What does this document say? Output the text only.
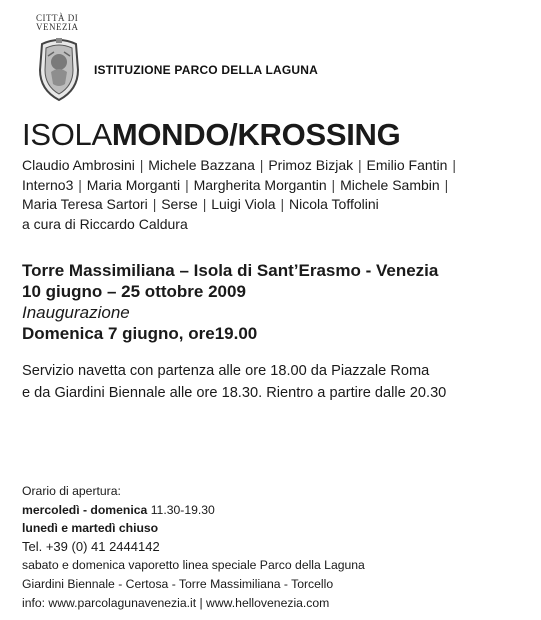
CITTÀ DI
VENEZIA
ISTITUZIONE PARCO DELLA LAGUNA
ISOLAMONDO/KROSSING
Claudio Ambrosini | Michele Bazzana | Primoz Bizjak | Emilio Fantin |
Interno3 | Maria Morganti | Margherita Morgantin | Michele Sambin |
Maria Teresa Sartori | Serse | Luigi Viola | Nicola Toffolini
a cura di Riccardo Caldura
Torre Massimiliana – Isola di Sant’Erasmo - Venezia
10 giugno – 25 ottobre 2009
Inaugurazione
Domenica 7 giugno, ore19.00
Servizio navetta con partenza alle ore 18.00 da Piazzale Roma
e da Giardini Biennale alle ore 18.30. Rientro a partire dalle 20.30
Orario di apertura:
mercoledì - domenica 11.30-19.30
lunedì e martedì chiuso
Tel. +39 (0) 41 2444142
sabato e domenica vaporetto linea speciale Parco della Laguna
Giardini Biennale - Certosa - Torre Massimiliana - Torcello
info: www.parcolagunavenezia.it | www.hellovenezia.com
